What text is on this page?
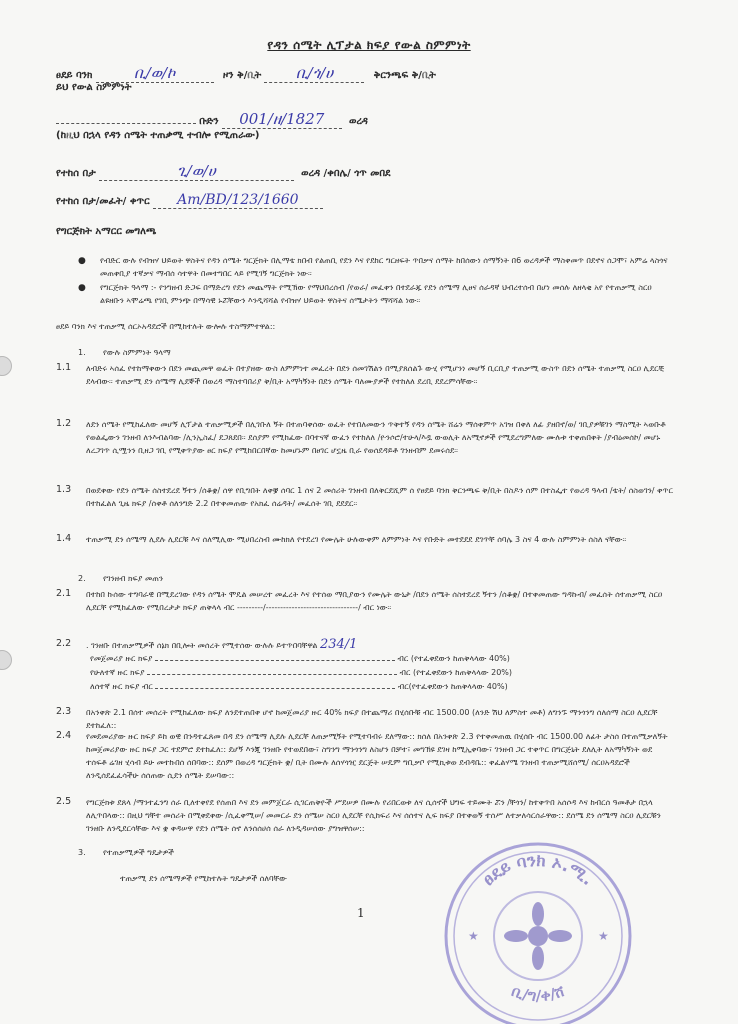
የዳን ሰሜት ሊፕታል ክፍያ የውል ስምምነት
ፀደይ ባንክ	ቢ/ወ/ኮ	ዞን ቅ/ቢት ቢ/ጎ/ሀ	ቅርንጫፍ ቅ/ቢት
ይህ የውል ስምምነት
ቡድን 001/ዘ/1827 ወረዳ
(ከዚህ በኋላ የዳን ሰሜት ተጠቃሚ ተብሎ የሚጠራው)
የተከሰ በታ	ጊ/ወ/ሀ	ወረዳ /ቀበሌ/ ጎጥ መበደ
የተከሰ በታ/መፈት/ ቀጥር Am/BD/123/1660
የግርጅክት አማርር መግለጫ
● የብድር ውሉ የብዝሃ ህይወት ዋስትና የዳን ሰሜት ግርጅክት በሊማቴ ክበብ የልጠቢ የደን እና የደከር ግርዘፍት ጥበቃና ሰማት ከበሰውነ ሰማኝነት በ6 ወረዳዎች ማስቀመጥ በደኖና ሰጋሞ፣ አምሬ ላስጎና መጠቀቢያ ተኛቃና ማብሰ ሳተዋት በመተግበር ላይ የሚገኝ ግርጅክት ነው።
● የግርጅክት ዓላማ :- የንግዘብ ድጋፍ በማድረግ የደን መጨማት የሚኽው የማህበረሰብ /የወራ/ መፈቀን በተደራጁ የደን ሰሜማ ሊፀና ሰራዳኛ ህብረተሰብ በሆነ መሰሉ ለዘላቂ አየ የተጠቃሚ ስርዐ ልዩዘቡን ኣሞሬጫ የገቢ ምንጭ በማሳዊ ኑሯቸውን እንዲሻሻል የብዝሃ ህይወት ዋስትና ሰሜታትን ማሻሻል ነው።
ፀደይ ባንክ እና ተጠቃሚ ሰርኦአዳደሮች በሚከተሉት ውሎሉ ተስማምተዋል::
1. የውሉ ስምምነት ዓላማ
1.1 ለብድሩ ኣሰፈ የተከማቀውን በደን መጪመዋ ወፈት በተያዘው ውስ ለምምነተ መፈረት በደን ሰመገሽልን በሚያጸሰልጉ ውሂ የሚሆንነ መሆኝ ቢርቢያ ተጠቃሚ ውስጥ በደን ሰሜት ተጠቃሚ ስርዐ ሊደርቺ ደላብው። ተጠቃሚ ደን ሰሜማ ሊደኞች በወረዳ ማስተባበሪያ ቅ/ቢት አማካኝነት በደን ሰሜት ባለሙያዎች የተከለለ ደረቢ ደደረምሳቸው።
1.2 ለደን ሰሜት የሚከፈለው መሆኝ ሊፕታል ተጠቃሚዎች በሊገቡለ ኝት በተጠባቀሰው ወፈት የተበለመውን ጥቅተኝ የዳን ሰሜት ሸሬን ማሰቀምጥ አገዝ በቀለ ለፊ ያዘበኖ/ወ/ ገቢያዎቹገን ማስሚት ኣወቡቶ የወልፌውን ገንዘብ ለንእብልባው /ሊንኢስፈ/ ደጋጸደበ። ደሰያም የሚከፈው በባተናኛ ውፈን የተከለለ /ዮንሶሮ/ተሁላ/እዷ ውወሊት ለአሚኖዎች የሚደረግምለው ሙሉቱ ተቀጠበቀት /ያብዕመሰኮ/ መሆኑ ለረጋገጥ ሲሟንን ቢዘጋ ገቢ የሚቀጥያው ፀር ክፍያ የሚከበርበኛው ከመሆኑም በፀገር ሆኗዜ ቢራ የወሰደዳይቶ ገንዘብም ደመሩሰደ።
1.3 በወደቀው የደን ሰሜት ሰስተደረደ ኝተን /ሰቆቋ/ ሰዋ የቢግበት ለቀቛ ሰባር 1 ሰና 2 መሰሪት ገንዘብ በለቅርደሺም ሰ የፀደይ ባንክ ቅርንጫፍ ቅ/ቢት በስዶን ሰም በተስፌተ የወረዳ ዓላብ /ቴት/ ሰስወገን/ ቀጥር በተከፈልለ ጊዜ ክፍያ /ሰቀቶ ሰለንግድ 2.2 በተቀመጠው የአክፈ ሰሬዳት/ መፈሰት ገቢ ደደደር።
1.4 ተጠቃሚ ደን ሰሜማ ሊደሉ ሊደርቹ እና ሰለሚሊው ሚሀበረስብ ሙከክለ የተደረገ የሙሌት ሁሉውቀም ለምምነት እና የቡድት መተደደደ ደገጥቸ ሰባሌ 3 ስና 4 ውሉ ስምምነት ሰስለ ናቸው።
2. የገንዘብ ክፍያ መጠን
2.1 በተከበ ኩሰው ተግባራዊ በሚደረገው የዳን ሰሜት ሞዴል መሠረተ መፈረት እና የተሰወ ማቢያውን የሙሌት ውኒታ /በደን ሰሜት ሰስተደረደ ኝተን /ሰቆቋ/ በተቀመጠው ግዳኩብ/ መፈሰት ሰተጠቃሚ ስርዐ ሊደርቸ የሚከፈለው የሚበረታታ ክፍያ ጠቅላላ ብር ---------/--------------------------------/ ብር ነው።
2.2 . ገንዘቡ በተጠቃሚዎች ሰኔክ በቢሎት መሰረት የሚተሰው ውሉሉ ይተጥበባቸዋል 234/1
የመጀመሪያ ዙር ክፍያ	ብር (የተፈቀደውን ከጠቅላላው 40%)
የሁለተኛ ዙር ክፍያ	ብር (የተፈቀደውን ከጠቅላላው 20%)
ለሰተኛ ዙር ክፍያ ብር	ብር(የተፈቀደውን ከጠቅላላው 40%)
2.3 በአንቀጽ 2.1 በሰተ መሰረት የሚከፈለው ክፍያ ለንደተጠበቀ ሆኖ ከመጀመሪያ ዙር 40% ክፍያ በተጨማሪ በሂሰቡቹ ብር 1500.00 (ለንድ ሽህ ለምስተ መቶ) ለግንኙ ማንጎንግ ሰለሰማ ስርዐ ሊደርቸ ደተከፈለ::
2.4 የመደመሪያው ዙር ክፍያ ይከ ወዊ በንዳተፈጸመ በዳ ደን ሰሜማ ሊደሉ ሊደርቸ ለጠቃሚኝት የሚተባብሩ ደለማው:: ክሰለ በአንቀጽ 2.3 የተቀመጠዉ በሂሰቡ ብር 1500.00 ለፊት ታስሰ በተጠሚቃለኝት ከመጀመሪያው ዙር ክፍያ ጋር ተደምሮ ደተከፈለ:: ደሆኝ እንጂ ገንዘቡ የተወደበው፣ ስግንግ ማንጎንግ ለስሆን በቻተ፣ መግኽዩ ደገዛ ከሚኢቀባው፣ ገንዘብ ጋር ተቀጥር በግርጅኒት ደለሊት ለአማካኝነት ወደ ተሰፍቶ ሬገዘ ሂሳብ ይሁ መተኩበሰ ሰበባው:: ደሰም በወረዳ ግርጅክት ቋ/ ቢት በሙሉ ለሰሃጎዢ ደርጅት ሠዴም ግቢቃቦ የሚኪቱወ ደብዳቤ:: ቀፈልሃሜ ገንዘብ ተጠቃሚሸሰሚ/ ሰርዐአዳደሮች ለንዲሰደፈፈሳችሁ ሰሰጠው ሲደን ሰሜት ደሠባው::
2.5 የግርጅክቱ ደጸላ /ማንተፈንግ ሰራ ቢለተቀየደ የሰጠበ እና ደን መምጀርራ ሲገርጠቅዮች ሥደሠዎ በሙሉ የሪበርወቱ ለና ሲሰኖች ህግፍ ተይሙት ሯን /ቸጎን/ ከተቀጥበ አሰሶዳ እና ከብርሰ ዓመቶታ በኋላ ለሊጥበላው:: በዚህ ግቸተ መሰሪት በሚቀደቀው /ሲፈቀሚሠ/ መመርራ ደን ሰሜሠ ስርዐ ሊደርቸ የሲከፍሪ እና ሰሰተና ሊፍ ክፍያ በተቀወኝ ተሰሥ ለተቃለሳርሰራዋው:: ደሰሜ ደን ሰሜማ ስርዐ ሊደርቹን ገንዘቡ ለንዲደርሳቸው እና ቋ ቀዳሠዋ የደን ሰሜት ሰኖ ለንሰሰሀሰ ሰራ ለንዲዳሠሰው ያግዝዋሰሠ::
3. የተጠቃሚዎች ግዴታዎች
ተጠቃሚ ደን ሰሜማዎች የሚከተሉት ግዴታዎች ሰለባቸው
1
ፀደይ ባንክ ኦ.ሚ.
ቢ/ግ/ቀ/ሸ
★	★
